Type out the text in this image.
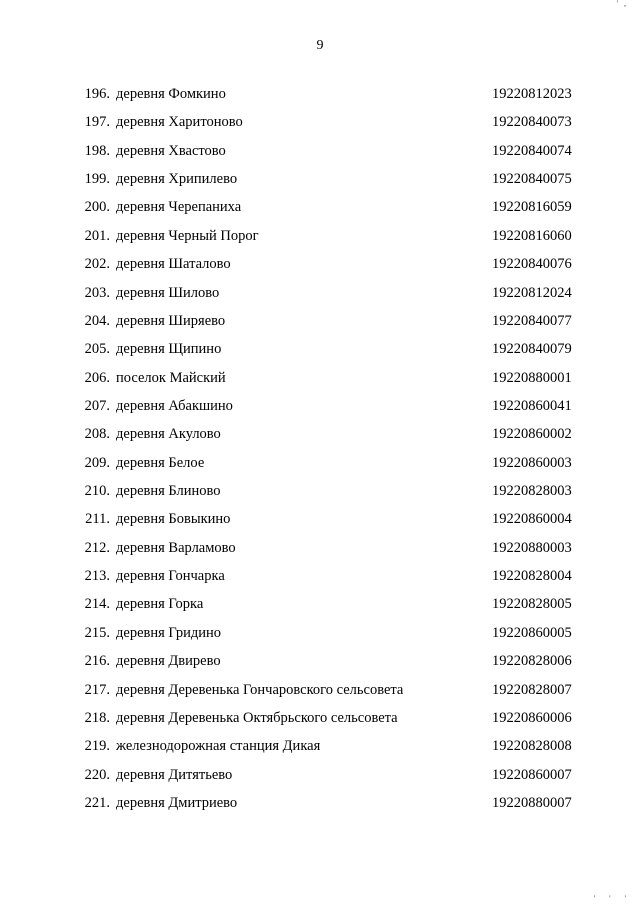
' ,
9
196. деревня Фомкино	19220812023
197. деревня Харитоново	19220840073
198. деревня Хвастово	19220840074
199. деревня Хрипилево	19220840075
200. деревня Черепаниха	19220816059
201. деревня Черный Порог	19220816060
202. деревня Шаталово	19220840076
203. деревня Шилово	19220812024
204. деревня Ширяево	19220840077
205. деревня Щипино	19220840079
206. поселок Майский	19220880001
207. деревня Абакшино	19220860041
208. деревня Акулово	19220860002
209. деревня Белое	19220860003
210. деревня Блиново	19220828003
211. деревня Бовыкино	19220860004
212. деревня Варламово	19220880003
213. деревня Гончарка	19220828004
214. деревня Горка	19220828005
215. деревня Гридино	19220860005
216. деревня Двирево	19220828006
217. деревня Деревенька Гончаровского сельсовета	19220828007
218. деревня Деревенька Октябрьского сельсовета	19220860006
219. железнодорожная станция Дикая	19220828008
220. деревня Дитятьево	19220860007
221. деревня Дмитриево	19220880007
' ' '
